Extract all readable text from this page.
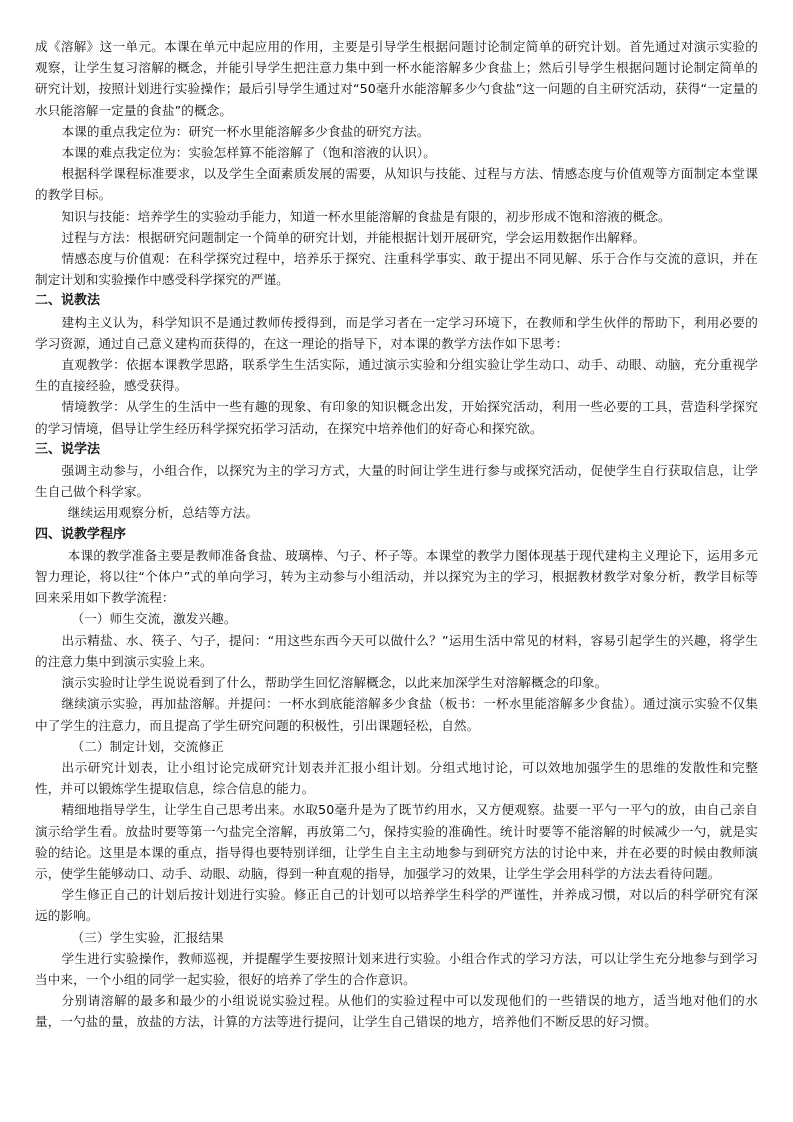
成《溶解》这一单元。本课在单元中起应用的作用，主要是引导学生根据问题讨论制定简单的研究计划。首先通过对演示实验的观察，让学生复习溶解的概念，并能引导学生把注意力集中到一杯水能溶解多少食盐上；然后引导学生根据问题讨论制定简单的研究计划，按照计划进行实验操作；最后引导学生通过对“50毫升水能溶解多少勺食盐”这一问题的自主研究活动，获得“一定量的水只能溶解一定量的食盐”的概念。

本课的重点我定位为：研究一杯水里能溶解多少食盐的研究方法。

本课的难点我定位为：实验怎样算不能溶解了（饱和溶液的认识）。

根据科学课程标准要求，以及学生全面素质发展的需要，从知识与技能、过程与方法、情感态度与价值观等方面制定本堂课的教学目标。

知识与技能：培养学生的实验动手能力，知道一杯水里能溶解的食盐是有限的，初步形成不饱和溶液的概念。

过程与方法：根据研究问题制定一个简单的研究计划，并能根据计划开展研究，学会运用数据作出解释。

情感态度与价值观：在科学探究过程中，培养乐于探究、注重科学事实、敢于提出不同见解、乐于合作与交流的意识，并在制定计划和实验操作中感受科学探究的严谨。

二、说教法

建构主义认为，科学知识不是通过教师传授得到，而是学习者在一定学习环境下，在教师和学生伙伴的帮助下，利用必要的学习资源，通过自己意义建构而获得的，在这一理论的指导下，对本课的教学方法作如下思考：

直观教学：依据本课教学思路，联系学生生活实际，通过演示实验和分组实验让学生动口、动手、动眼、动脑，充分重视学生的直接经验，感受获得。

情境教学：从学生的生活中一些有趣的现象、有印象的知识概念出发，开始探究活动，利用一些必要的工具，营造科学探究的学习情境，倡导让学生经历科学探究拓学习活动，在探究中培养他们的好奇心和探究欲。

三、说学法

强调主动参与，小组合作，以探究为主的学习方式，大量的时间让学生进行参与或探究活动，促使学生自行获取信息，让学生自己做个科学家。

继续运用观察分析，总结等方法。

四、说教学程序

本课的教学准备主要是教师准备食盐、玻璃棒、勺子、杯子等。本课堂的教学力图体现基于现代建构主义理论下，运用多元智力理论，将以往“个体户”式的单向学习，转为主动参与小组活动，并以探究为主的学习，根据教材教学对象分析，教学目标等回来采用如下教学流程：

（一）师生交流，激发兴趣。

出示精盐、水、筷子、勺子，提问：“用这些东西今天可以做什么？”运用生活中常见的材料，容易引起学生的兴趣，将学生的注意力集中到演示实验上来。

演示实验时让学生说说看到了什么，帮助学生回忆溶解概念，以此来加深学生对溶解概念的印象。

继续演示实验，再加盐溶解。并提问：一杯水到底能溶解多少食盐（板书：一杯水里能溶解多少食盐）。通过演示实验不仅集中了学生的注意力，而且提高了学生研究问题的积极性，引出课题轻松，自然。

（二）制定计划，交流修正

出示研究计划表，让小组讨论完成研究计划表并汇报小组计划。分组式地讨论，可以效地加强学生的思维的发散性和完整性，并可以锻炼学生提取信息，综合信息的能力。

精细地指导学生，让学生自己思考出来。水取50毫升是为了既节约用水，又方便观察。盐要一平勺一平勺的放，由自己亲自演示给学生看。放盐时要等第一勺盐完全溶解，再放第二勺，保持实验的准确性。统计时要等不能溶解的时候减少一勺，就是实验的结论。这里是本课的重点，指导得也要特别详细，让学生自主主动地参与到研究方法的讨论中来，并在必要的时候由教师演示，使学生能够动口、动手、动眼、动脑，得到一种直观的指导，加强学习的效果，让学生学会用科学的方法去看待问题。

学生修正自己的计划后按计划进行实验。修正自己的计划可以培养学生科学的严谨性，并养成习惯，对以后的科学研究有深远的影响。

（三）学生实验，汇报结果

学生进行实验操作，教师巡视，并提醒学生要按照计划来进行实验。小组合作式的学习方法，可以让学生充分地参与到学习当中来，一个小组的同学一起实验，很好的培养了学生的合作意识。

分别请溶解的最多和最少的小组说说实验过程。从他们的实验过程中可以发现他们的一些错误的地方，适当地对他们的水量，一勺盐的量，放盐的方法，计算的方法等进行提问，让学生自己错误的地方，培养他们不断反思的好习惯。
